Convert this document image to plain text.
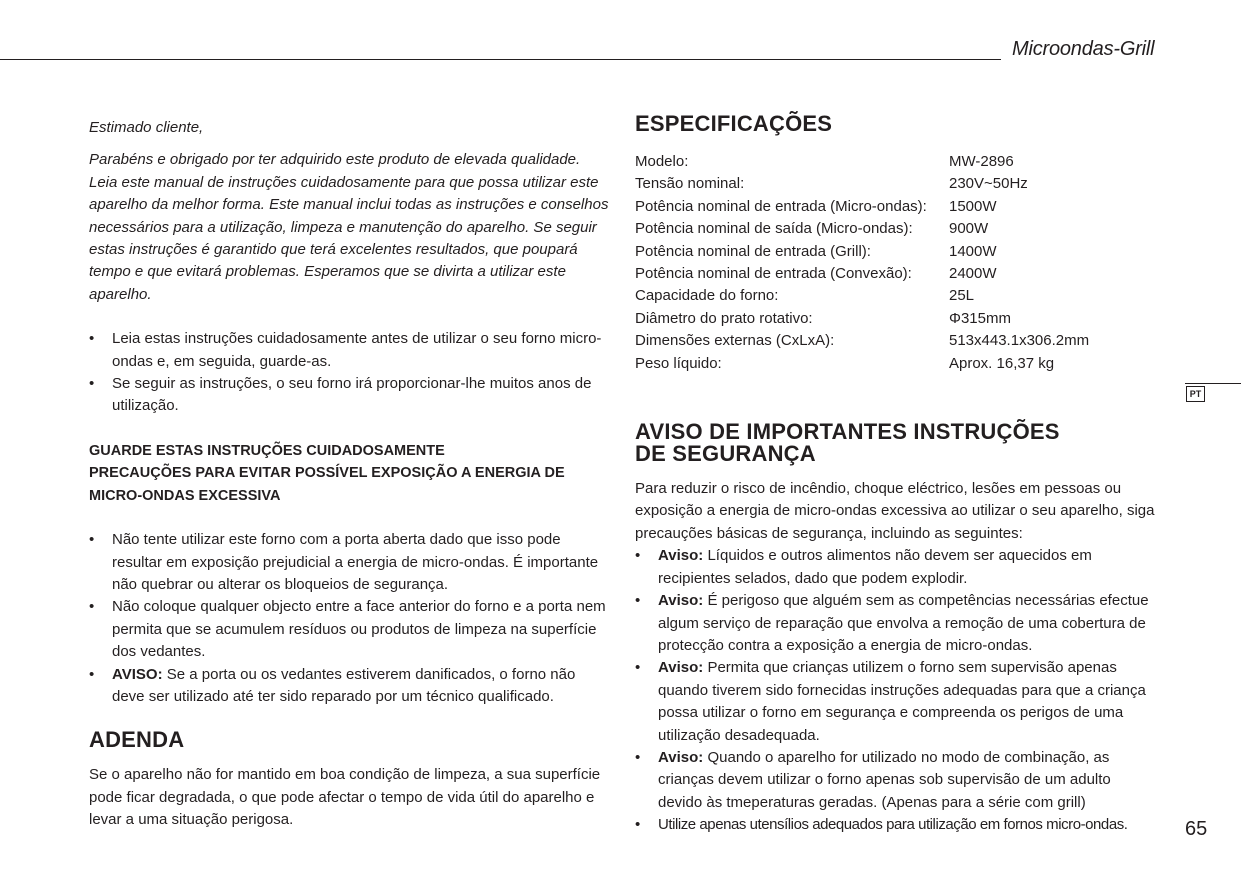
Microondas-Grill
PT
65

Estimado cliente,

Parabéns e obrigado por ter adquirido este produto de elevada qualidade. Leia este manual de instruções cuidadosamente para que possa utilizar este aparelho da melhor forma. Este manual inclui todas as instruções e conselhos necessários para a utilização, limpeza e manutenção do aparelho. Se seguir estas instruções é garantido que terá excelentes resultados, que poupará tempo e que evitará problemas. Esperamos que se divirta a utilizar este aparelho.

• Leia estas instruções cuidadosamente antes de utilizar o seu forno micro-ondas e, em seguida, guarde-as.
• Se seguir as instruções, o seu forno irá proporcionar-lhe muitos anos de utilização.
GUARDE ESTAS INSTRUÇÕES CUIDADOSAMENTE
PRECAUÇÕES PARA EVITAR POSSÍVEL EXPOSIÇÃO A ENERGIA DE MICRO-ONDAS EXCESSIVA
• Não tente utilizar este forno com a porta aberta dado que isso pode resultar em exposição prejudicial a energia de micro-ondas. É importante não quebrar ou alterar os bloqueios de segurança.
• Não coloque qualquer objecto entre a face anterior do forno e a porta nem permita que se acumulem resíduos ou produtos de limpeza na superfície dos vedantes.
• AVISO: Se a porta ou os vedantes estiverem danificados, o forno não deve ser utilizado até ter sido reparado por um técnico qualificado.
ADENDA

Se o aparelho não for mantido em boa condição de limpeza, a sua superfície pode ficar degradada, o que pode afectar o tempo de vida útil do aparelho e levar a uma situação perigosa.

ESPECIFICAÇÕES
Modelo:	MW-2896
Tensão nominal:	230V~50Hz
Potência nominal de entrada (Micro-ondas):	1500W
Potência nominal de saída (Micro-ondas):	900W
Potência nominal de entrada (Grill):	1400W
Potência nominal de entrada (Convexão):	2400W
Capacidade do forno:	25L
Diâmetro do prato rotativo:	Φ315mm
Dimensões externas (CxLxA):	513x443.1x306.2mm
Peso líquido:	Aprox. 16,37 kg
AVISO DE IMPORTANTES INSTRUÇÕES DE SEGURANÇA

Para reduzir o risco de incêndio, choque eléctrico, lesões em pessoas ou exposição a energia de micro-ondas excessiva ao utilizar o seu aparelho, siga precauções básicas de segurança, incluindo as seguintes:

• Aviso: Líquidos e outros alimentos não devem ser aquecidos em recipientes selados, dado que podem explodir.
• Aviso: É perigoso que alguém sem as competências necessárias efectue algum serviço de reparação que envolva a remoção de uma cobertura de protecção contra a exposição a energia de micro-ondas.
• Aviso: Permita que crianças utilizem o forno sem supervisão apenas quando tiverem sido fornecidas instruções adequadas para que a criança possa utilizar o forno em segurança e compreenda os perigos de uma utilização desadequada.
• Aviso: Quando o aparelho for utilizado no modo de combinação, as crianças devem utilizar o forno apenas sob supervisão de um adulto devido às tmeperaturas geradas. (Apenas para a série com grill)
• Utilize apenas utensílios adequados para utilização em fornos micro-ondas.
